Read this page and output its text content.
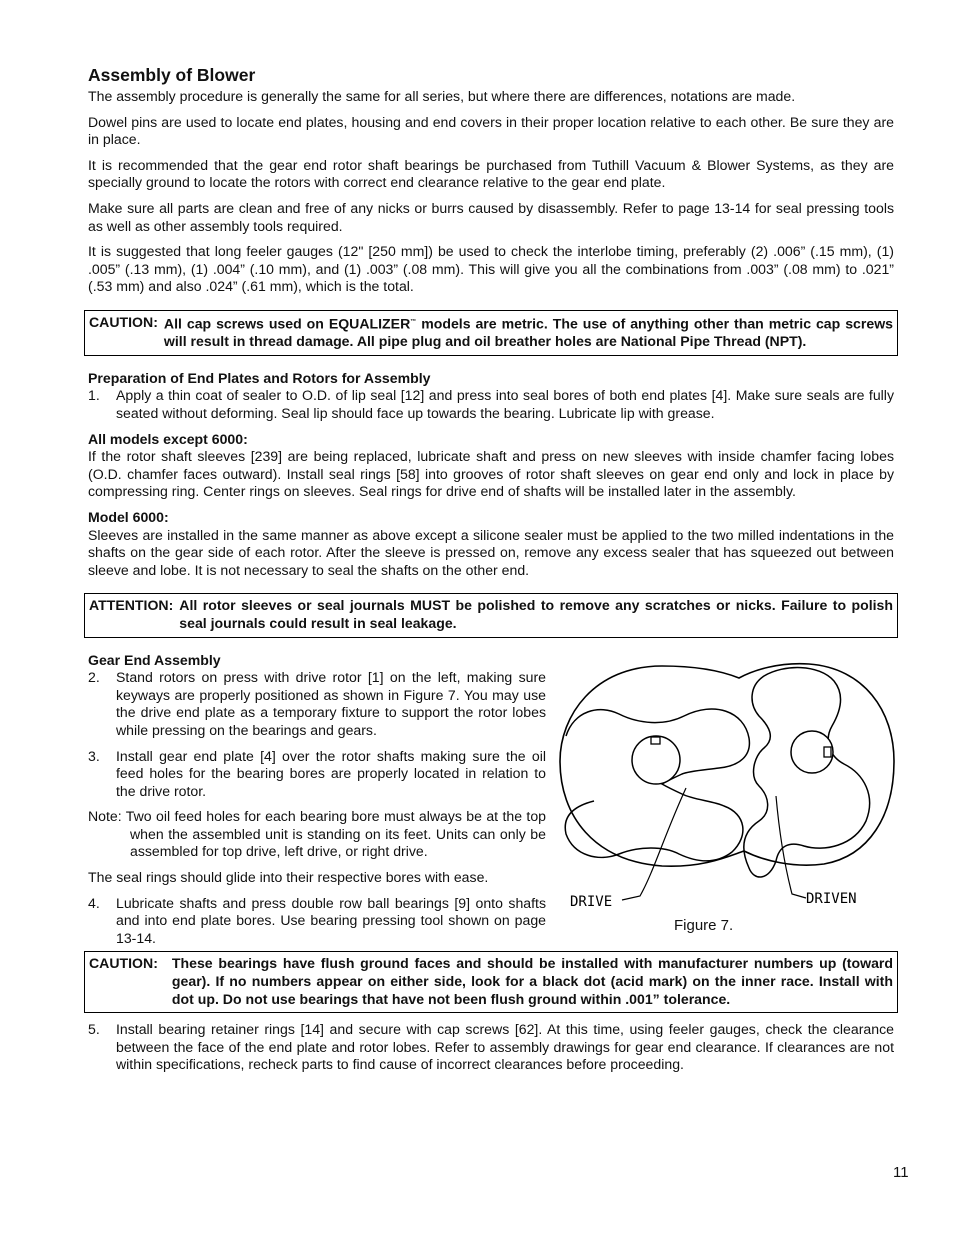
Assembly of Blower

The assembly procedure is generally the same for all series, but where there are differences, notations are made.

Dowel pins are used to locate end plates, housing and end covers in their proper location relative to each other. Be sure they are in place.

It is recommended that the gear end rotor shaft bearings be purchased from Tuthill Vacuum & Blower Systems, as they are specially ground to locate the rotors with correct end clearance relative to the gear end plate.

Make sure all parts are clean and free of any nicks or burrs caused by disassembly. Refer to page 13-14 for seal pressing tools as well as other assembly tools required.

It is suggested that long feeler gauges (12" [250 mm]) be used to check the interlobe timing, preferably (2) .006” (.15 mm), (1) .005” (.13 mm), (1) .004” (.10 mm), and (1) .003” (.08 mm). This will give you all the combinations from .003” (.08 mm) to .021” (.53 mm) and also .024” (.61 mm), which is the total.

CAUTION: All cap screws used on EQUALIZER™ models are metric. The use of anything other than metric cap screws will result in thread damage. All pipe plug and oil breather holes are National Pipe Thread (NPT).
Preparation of End Plates and Rotors for Assembly
1.	Apply a thin coat of sealer to O.D. of lip seal [12] and press into seal bores of both end plates [4]. Make sure seals are fully seated without deforming. Seal lip should face up towards the bearing. Lubricate lip with grease.
All models except 6000:

If the rotor shaft sleeves [239] are being replaced, lubricate shaft and press on new sleeves with inside chamfer facing lobes (O.D. chamfer faces outward). Install seal rings [58] into grooves of rotor shaft sleeves on gear end only and lock in place by compressing ring. Center rings on sleeves. Seal rings for drive end of shafts will be installed later in the assembly.

Model 6000:

Sleeves are installed in the same manner as above except a silicone sealer must be applied to the two milled indentations in the shafts on the gear side of each rotor. After the sleeve is pressed on, remove any excess sealer that has squeezed out between sleeve and lobe. It is not necessary to seal the shafts on the other end.

ATTENTION: All rotor sleeves or seal journals MUST be polished to remove any scratches or nicks. Failure to polish seal journals could result in seal leakage.
Gear End Assembly
2.	Stand rotors on press with drive rotor [1] on the left, making sure keyways are properly positioned as shown in Figure 7. You may use the drive end plate as a temporary fixture to support the rotor lobes while pressing on the bearings and gears.
3.	Install gear end plate [4] over the rotor shafts making sure the oil feed holes for the bearing bores are properly located in relation to the drive rotor.

Note: Two oil feed holes for each bearing bore must always be at the top when the assembled unit is standing on its feet. Units can only be assembled for top drive, left drive, or right drive.

The seal rings should glide into their respective bores with ease.

4.	Lubricate shafts and press double row ball bearings [9] onto shafts and into end plate bores. Use bearing pressing tool shown on page 13-14.
DRIVE	DRIVEN
Figure 7.
CAUTION: These bearings have flush ground faces and should be installed with manufacturer numbers up (toward gear). If no numbers appear on either side, look for a black dot (acid mark) on the inner race. Install with dot up. Do not use bearings that have not been flush ground within .001” tolerance.
5.	Install bearing retainer rings [14] and secure with cap screws [62]. At this time, using feeler gauges, check the clearance between the face of the end plate and rotor lobes. Refer to assembly drawings for gear end clearance. If clearances are not within specifications, recheck parts to find cause of incorrect clearances before proceeding.
11
